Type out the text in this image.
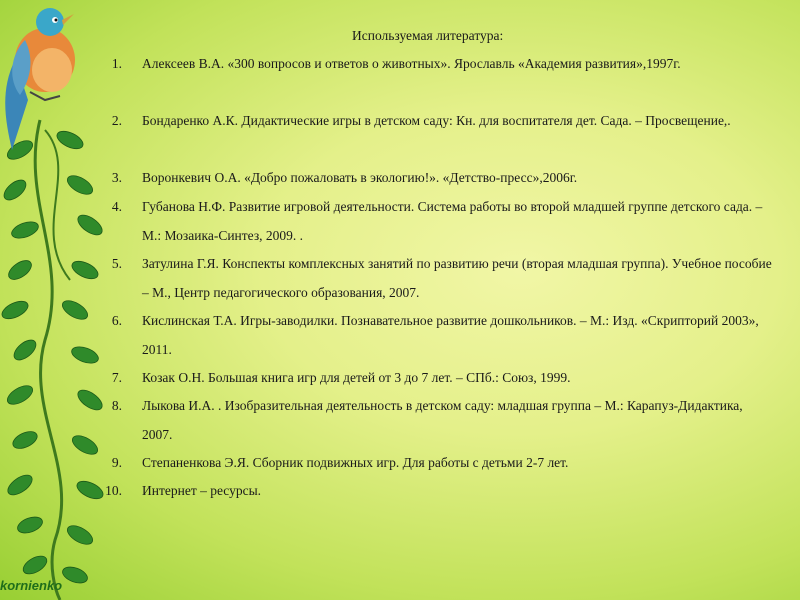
Используемая литература:
1. Алексеев В.А. «300 вопросов и ответов о животных». Ярославль «Академия развития»,1997г.
2. Бондаренко А.К. Дидактические игры в детском саду: Кн. для воспитателя дет. Сада. – Просвещение,.
3. Воронкевич О.А. «Добро пожаловать в экологию!». «Детство-пресс»,2006г.
4. Губанова Н.Ф. Развитие игровой деятельности. Система работы во второй младшей группе детского сада. – М.: Мозаика-Синтез, 2009. .
5. Затулина Г.Я. Конспекты комплексных занятий по развитию речи (вторая младшая группа). Учебное пособие – М., Центр педагогического образования, 2007.
6. Кислинская Т.А. Игры-заводилки. Познавательное развитие дошкольников. – М.: Изд. «Скрипторий 2003», 2011.
7. Козак О.Н. Большая книга игр для детей от 3 до 7 лет. – СПб.: Союз, 1999.
8. Лыкова И.А. . Изобразительная деятельность в детском саду: младшая группа – М.: Карапуз-Дидактика, 2007.
9. Степаненкова Э.Я. Сборник подвижных игр. Для работы с детьми 2-7 лет.
10. Интернет – ресурсы.
kornienko
